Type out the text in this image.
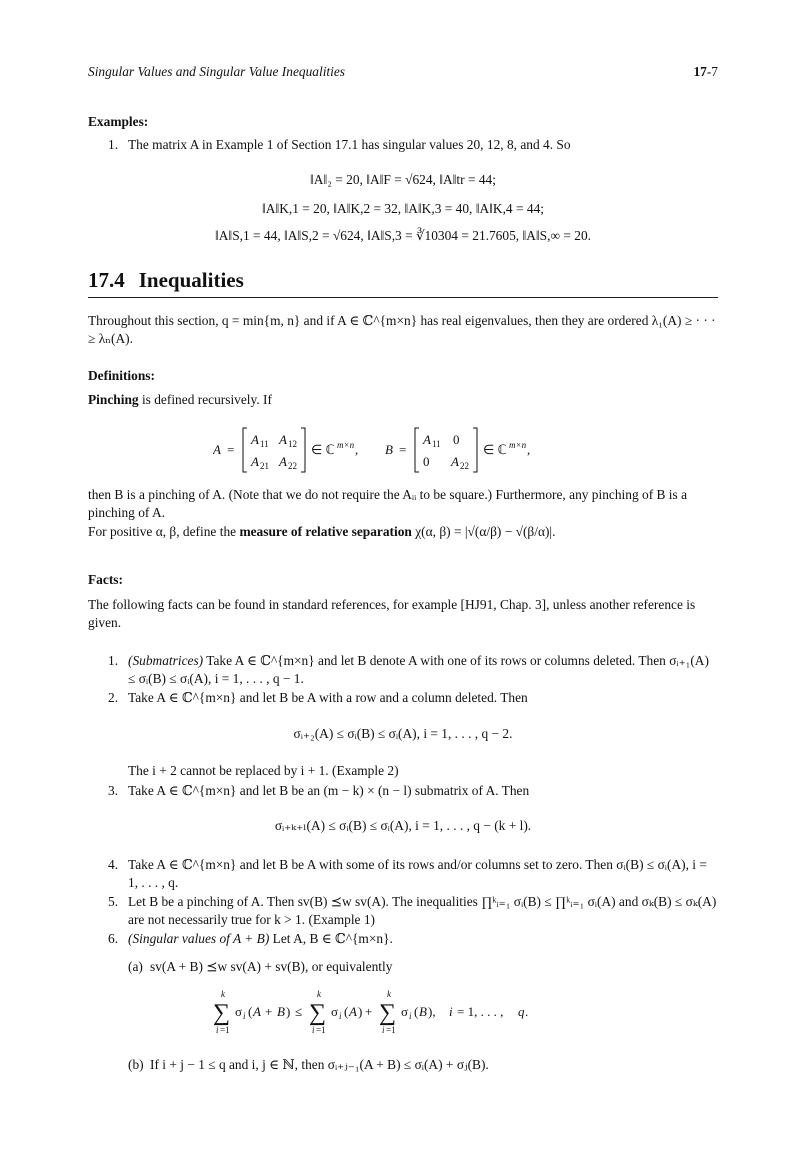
Singular Values and Singular Value Inequalities	17-7
Examples:
1. The matrix A in Example 1 of Section 17.1 has singular values 20, 12, 8, and 4. So
‖A‖₂ = 20, ‖A‖F = √624, ‖A‖tr = 44;
‖A‖K,1 = 20, ‖A‖K,2 = 32, ‖A‖K,3 = 40, ‖A‖K,4 = 44;
‖A‖S,1 = 44, ‖A‖S,2 = √624, ‖A‖S,3 = ∛10304 = 21.7605, ‖A‖S,∞ = 20.
17.4 Inequalities
Throughout this section, q = min{m, n} and if A ∈ ℂ^{m×n} has real eigenvalues, then they are ordered λ₁(A) ≥ · · · ≥ λₙ(A).
Definitions:
Pinching is defined recursively. If
A =
A 11 A 12
A 21 A 22
∈ ℂ m×n , B =
A 11 0
0 A 22
∈ ℂ m×n ,
then B is a pinching of A. (Note that we do not require the Aᵢᵢ to be square.) Furthermore, any pinching of B is a pinching of A.
For positive α, β, define the measure of relative separation χ(α, β) = |√(α/β) − √(β/α)|.
Facts:
The following facts can be found in standard references, for example [HJ91, Chap. 3], unless another reference is given.
1. (Submatrices) Take A ∈ ℂ^{m×n} and let B denote A with one of its rows or columns deleted. Then σᵢ₊₁(A) ≤ σᵢ(B) ≤ σᵢ(A), i = 1, . . . , q − 1.
2. Take A ∈ ℂ^{m×n} and let B be A with a row and a column deleted. Then
σᵢ₊₂(A) ≤ σᵢ(B) ≤ σᵢ(A), i = 1, . . . , q − 2.
The i + 2 cannot be replaced by i + 1. (Example 2)
3. Take A ∈ ℂ^{m×n} and let B be an (m − k) × (n − l) submatrix of A. Then
σᵢ₊ₖ₊ₗ(A) ≤ σᵢ(B) ≤ σᵢ(A), i = 1, . . . , q − (k + l).
4. Take A ∈ ℂ^{m×n} and let B be A with some of its rows and/or columns set to zero. Then σᵢ(B) ≤ σᵢ(A), i = 1, . . . , q.
5. Let B be a pinching of A. Then sv(B) ⪯w sv(A). The inequalities ∏ᵏᵢ₌₁ σᵢ(B) ≤ ∏ᵏᵢ₌₁ σᵢ(A) and σₖ(B) ≤ σₖ(A) are not necessarily true for k > 1. (Example 1)
6. (Singular values of A + B) Let A, B ∈ ℂ^{m×n}.
(a) sv(A + B) ⪯w sv(A) + sv(B), or equivalently
k
∑
i =1
σ i ( A + B ) ≤
k
∑
i =1
σ i ( A ) +
k
∑
i =1
σ i ( B ), i = 1, . . . , q .
(b) If i + j − 1 ≤ q and i, j ∈ ℕ, then σᵢ₊ⱼ₋₁(A + B) ≤ σᵢ(A) + σⱼ(B).
